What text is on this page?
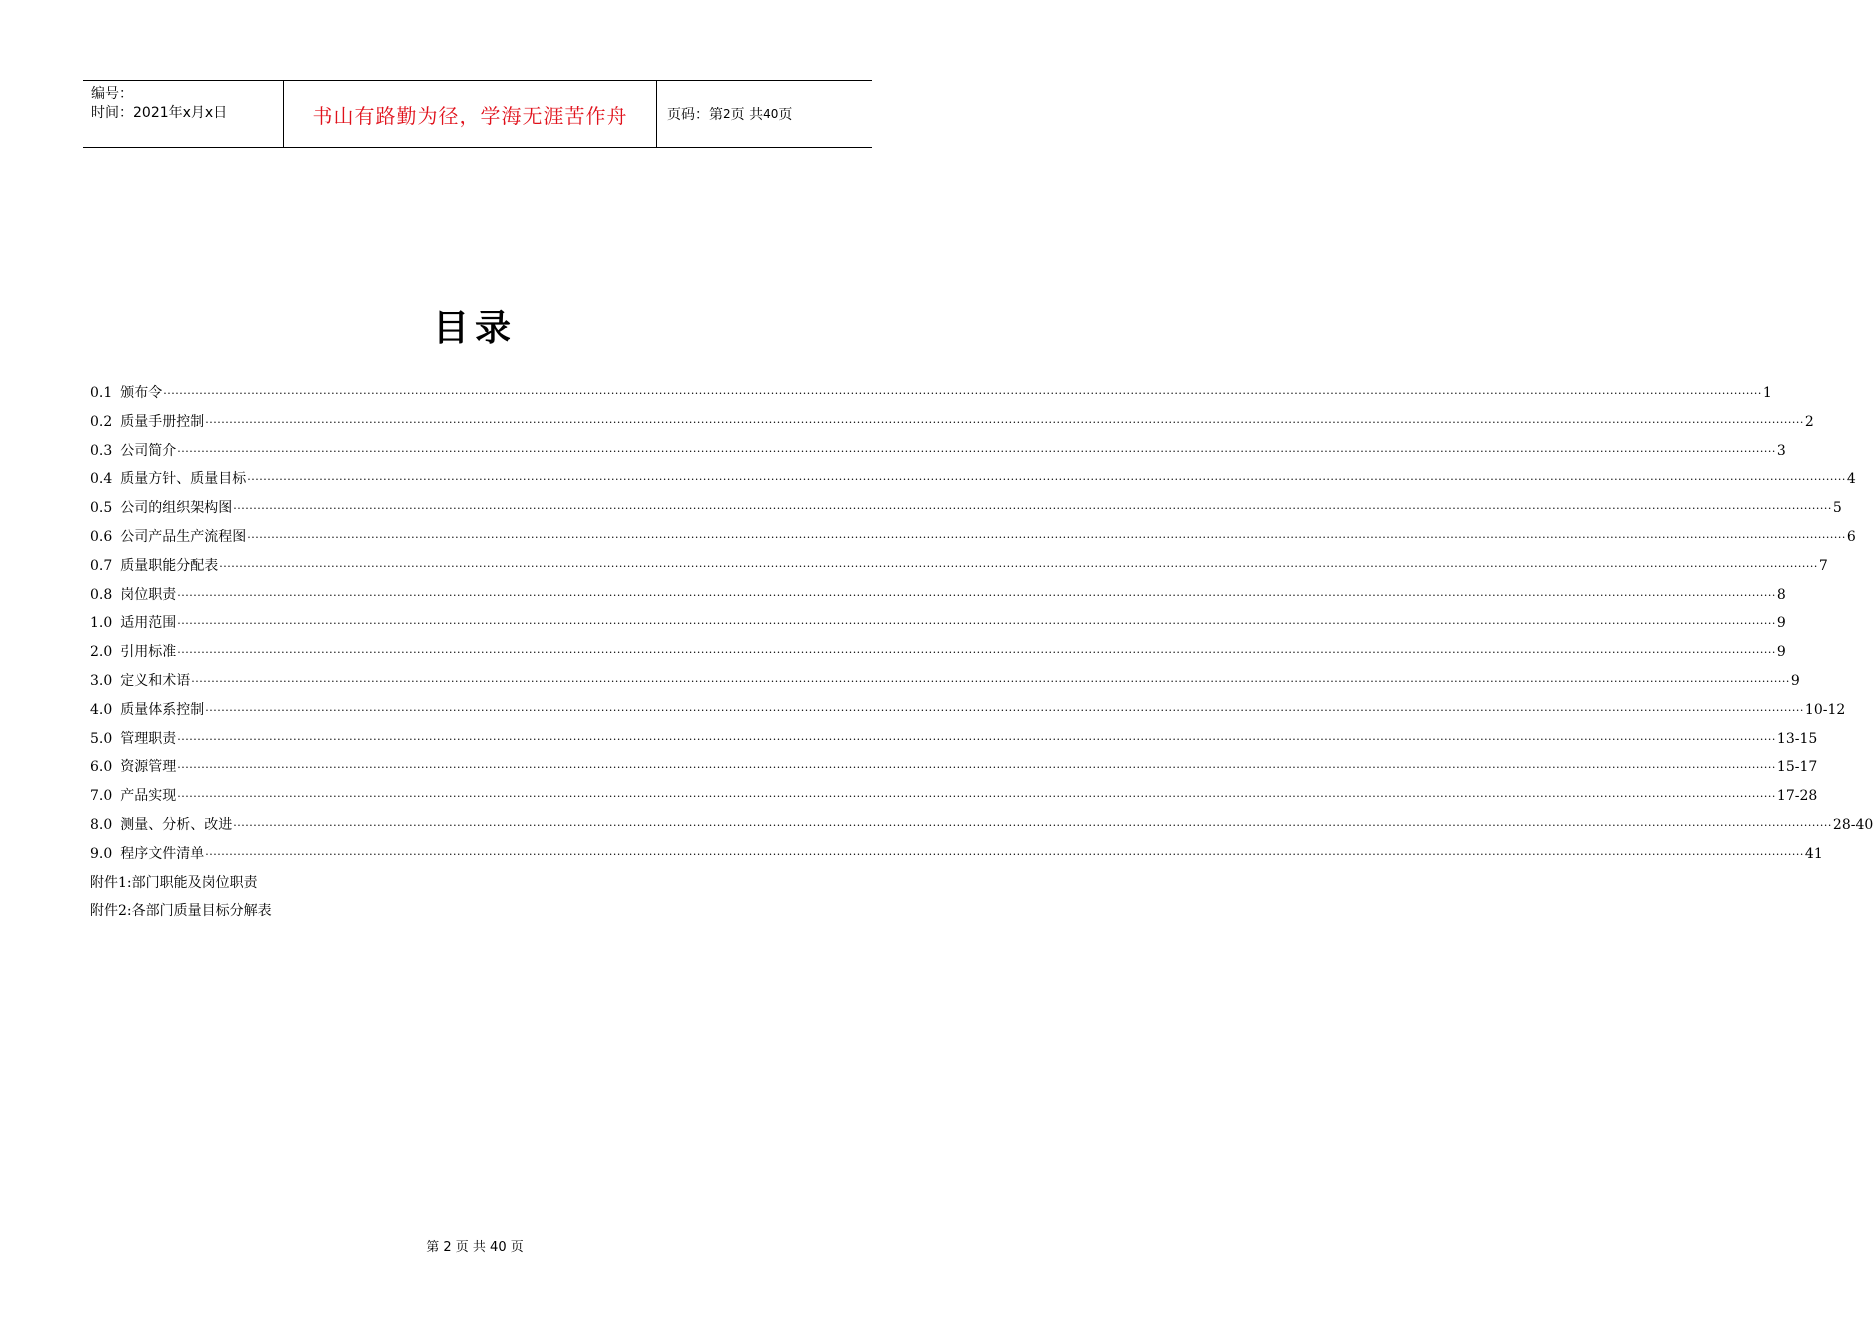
编号：
时间：2021年x月x日	书山有路勤为径，学海无涯苦作舟	页码：第 2 页 共 40 页
目录
0.1 颁布令 ················································································································································································································································································································································································································ 1
0.2 质量手册控制 ················································································································································································································································································································································································································ 2
0.3 公司简介 ················································································································································································································································································································································································································ 3
0.4 质量方针、质量目标 ················································································································································································································································································································································································································ 4
0.5 公司的组织架构图 ················································································································································································································································································································································································································ 5
0.6 公司产品生产流程图 ················································································································································································································································································································································································································ 6
0.7 质量职能分配表 ················································································································································································································································································································································································································ 7
0.8 岗位职责 ················································································································································································································································································································································································································ 8
1.0 适用范围 ················································································································································································································································································································································································································ 9
2.0 引用标准 ················································································································································································································································································································································································································ 9
3.0 定义和术语 ················································································································································································································································································································································································································ 9
4.0 质量体系控制 ················································································································································································································································································································································································································ 10-12
5.0 管理职责 ················································································································································································································································································································································································································ 13-15
6.0 资源管理 ················································································································································································································································································································································································································ 15-17
7.0 产品实现 ················································································································································································································································································································································································································ 17-28
8.0 测量、分析、改进 ················································································································································································································································································································································································································ 28-40
9.0 程序文件清单 ················································································································································································································································································································································································································ 41
附件1:部门职能及岗位职责
附件2:各部门质量目标分解表
第 2 页 共 40 页
